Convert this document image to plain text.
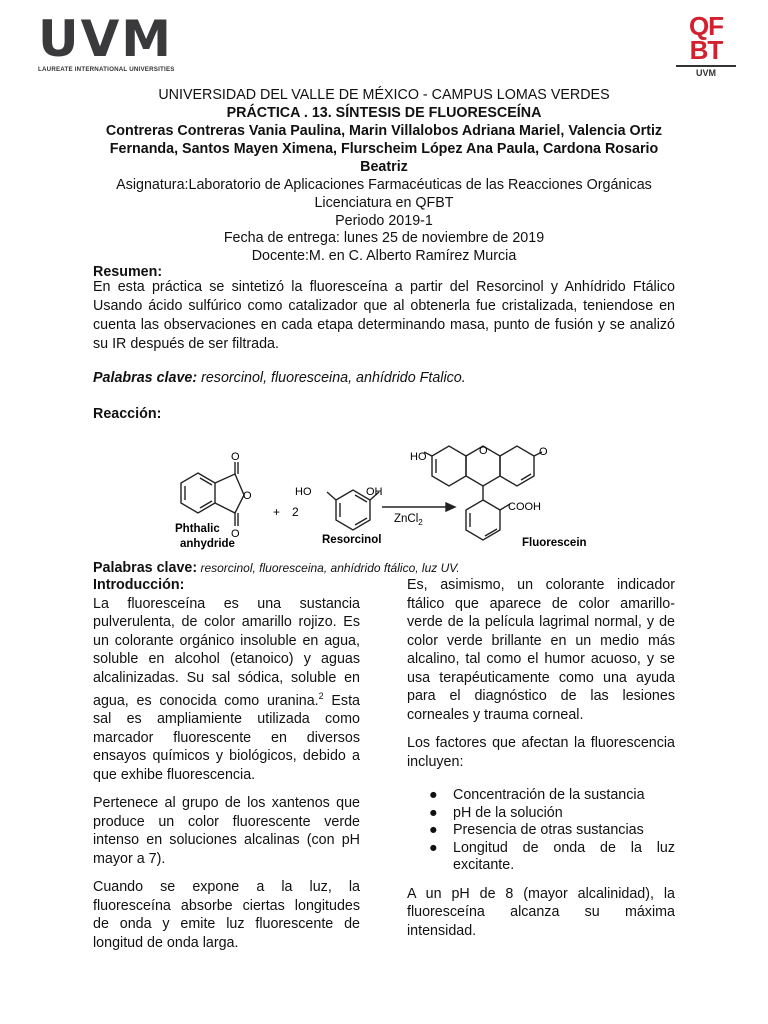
UVM
LAUREATE INTERNATIONAL UNIVERSITIES
QF
BT
UVM
UNIVERSIDAD DEL VALLE DE MÉXICO - CAMPUS LOMAS VERDES
PRÁCTICA . 13. SÍNTESIS DE FLUORESCEÍNA
Contreras Contreras Vania Paulina, Marin Villalobos Adriana Mariel, Valencia Ortiz Fernanda, Santos Mayen Ximena, Flurscheim López Ana Paula, Cardona Rosario Beatriz
Asignatura:Laboratorio de Aplicaciones Farmacéuticas de las Reacciones Orgánicas
Licenciatura en QFBT
Periodo 2019-1
Fecha de entrega: lunes 25 de noviembre de 2019
Docente:M. en C. Alberto Ramírez Murcia
Resumen:
En esta práctica se sintetizó la fluoresceína a partir del Resorcinol y Anhídrido Ftálico Usando ácido sulfúrico como catalizador que al obtenerla fue cristalizada, teniendose en cuenta las observaciones en cada etapa determinando masa, punto de fusión y se analizó su IR después de ser filtrada.
Palabras clave: resorcinol, fluoresceina, anhídrido Ftalico.
Reacción:
O
O
O
Phthalic
anhydride
+ 2
HO	OH
Resorcinol
ZnCl$_2$
HO	O	O
COOH
Fluorescein
Palabras clave: resorcinol, fluoresceina, anhídrido ftálico, luz UV.
Introducción:

La fluoresceína es una sustancia pulverulenta, de color amarillo rojizo. Es un colorante orgánico insoluble en agua, soluble en alcohol (etanoico) y aguas alcalinizadas. Su sal sódica, soluble en agua, es conocida como uranina.$^2$ Esta sal es ampliamiente utilizada como marcador fluorescente en diversos ensayos químicos y biológicos, debido a que exhibe fluorescencia.

Pertenece al grupo de los xantenos que produce un color fluorescente verde intenso en soluciones alcalinas (con pH mayor a 7).

Cuando se expone a la luz, la fluoresceína absorbe ciertas longitudes de onda y emite luz fluorescente de longitud de onda larga.

Es, asimismo, un colorante indicador ftálico que aparece de color amarillo-verde de la película lagrimal normal, y de color verde brillante en un medio más alcalino, tal como el humor acuoso, y se usa terapéuticamente como una ayuda para el diagnóstico de las lesiones corneales y trauma corneal.

Los factores que afectan la fluorescencia incluyen:

● Concentración de la sustancia
● pH de la solución
● Presencia de otras sustancias
● Longitud de onda de la luz excitante.

A un pH de 8 (mayor alcalinidad), la fluoresceína alcanza su máxima intensidad.
